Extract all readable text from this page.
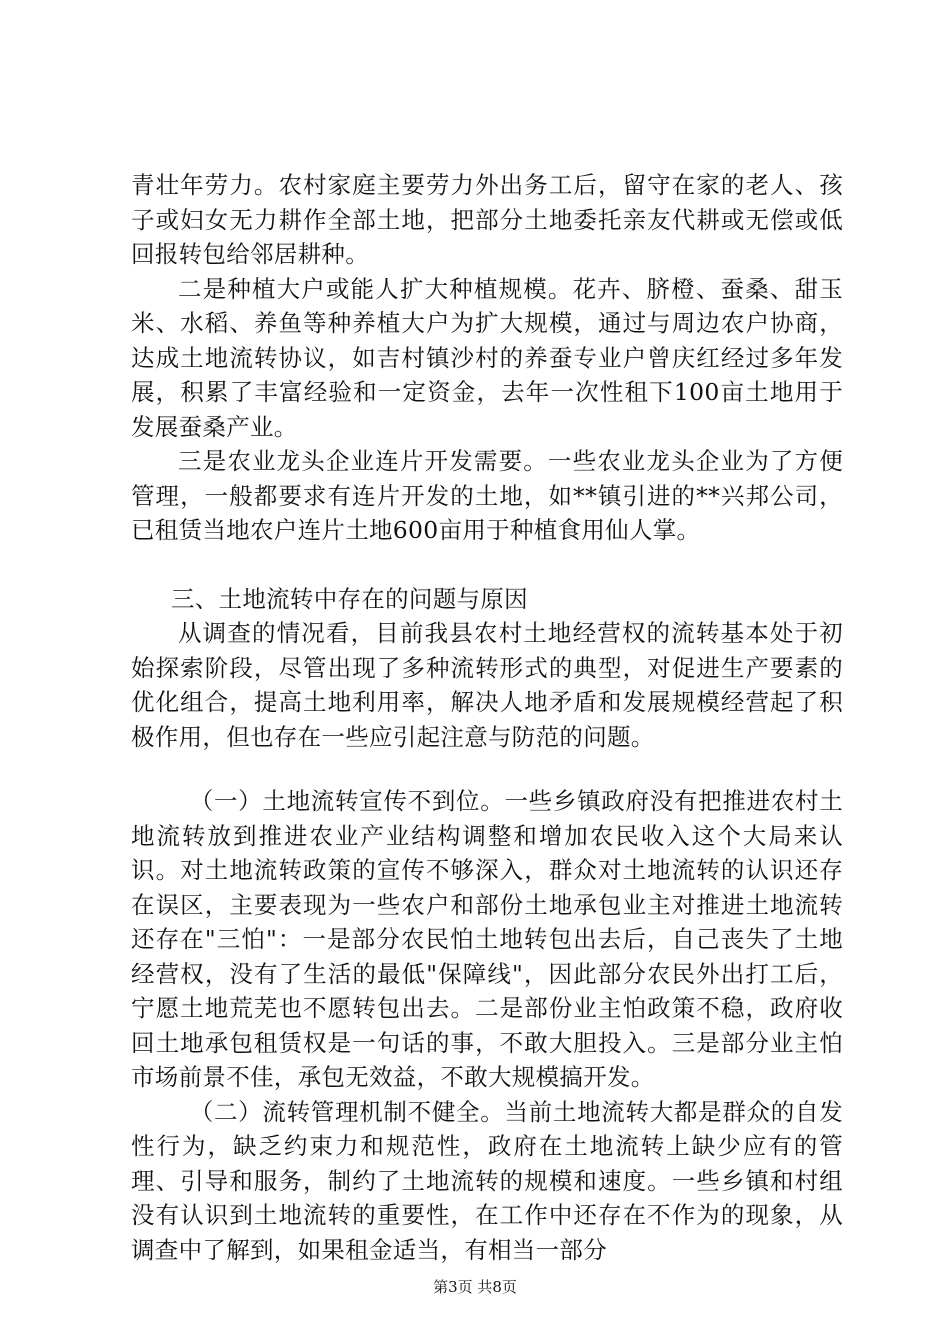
青壮年劳力。农村家庭主要劳力外出务工后，留守在家的老人、孩子或妇女无力耕作全部土地，把部分土地委托亲友代耕或无偿或低回报转包给邻居耕种。

二是种植大户或能人扩大种植规模。花卉、脐橙、蚕桑、甜玉米、水稻、养鱼等种养植大户为扩大规模，通过与周边农户协商，达成土地流转协议，如吉村镇沙村的养蚕专业户曾庆红经过多年发展，积累了丰富经验和一定资金，去年一次性租下100亩土地用于发展蚕桑产业。

三是农业龙头企业连片开发需要。一些农业龙头企业为了方便管理，一般都要求有连片开发的土地，如**镇引进的**兴邦公司，已租赁当地农户连片土地600亩用于种植食用仙人掌。

三、土地流转中存在的问题与原因

从调查的情况看，目前我县农村土地经营权的流转基本处于初始探索阶段，尽管出现了多种流转形式的典型，对促进生产要素的优化组合，提高土地利用率，解决人地矛盾和发展规模经营起了积极作用，但也存在一些应引起注意与防范的问题。

（一）土地流转宣传不到位。一些乡镇政府没有把推进农村土地流转放到推进农业产业结构调整和增加农民收入这个大局来认识。对土地流转政策的宣传不够深入，群众对土地流转的认识还存在误区，主要表现为一些农户和部份土地承包业主对推进土地流转还存在"三怕"：一是部分农民怕土地转包出去后，自己丧失了土地经营权，没有了生活的最低"保障线"，因此部分农民外出打工后，宁愿土地荒芜也不愿转包出去。二是部份业主怕政策不稳，政府收回土地承包租赁权是一句话的事，不敢大胆投入。三是部分业主怕市场前景不佳，承包无效益，不敢大规模搞开发。

（二）流转管理机制不健全。当前土地流转大都是群众的自发性行为，缺乏约束力和规范性，政府在土地流转上缺少应有的管理、引导和服务，制约了土地流转的规模和速度。一些乡镇和村组没有认识到土地流转的重要性，在工作中还存在不作为的现象，从调查中了解到，如果租金适当，有相当一部分

第3页 共8页
